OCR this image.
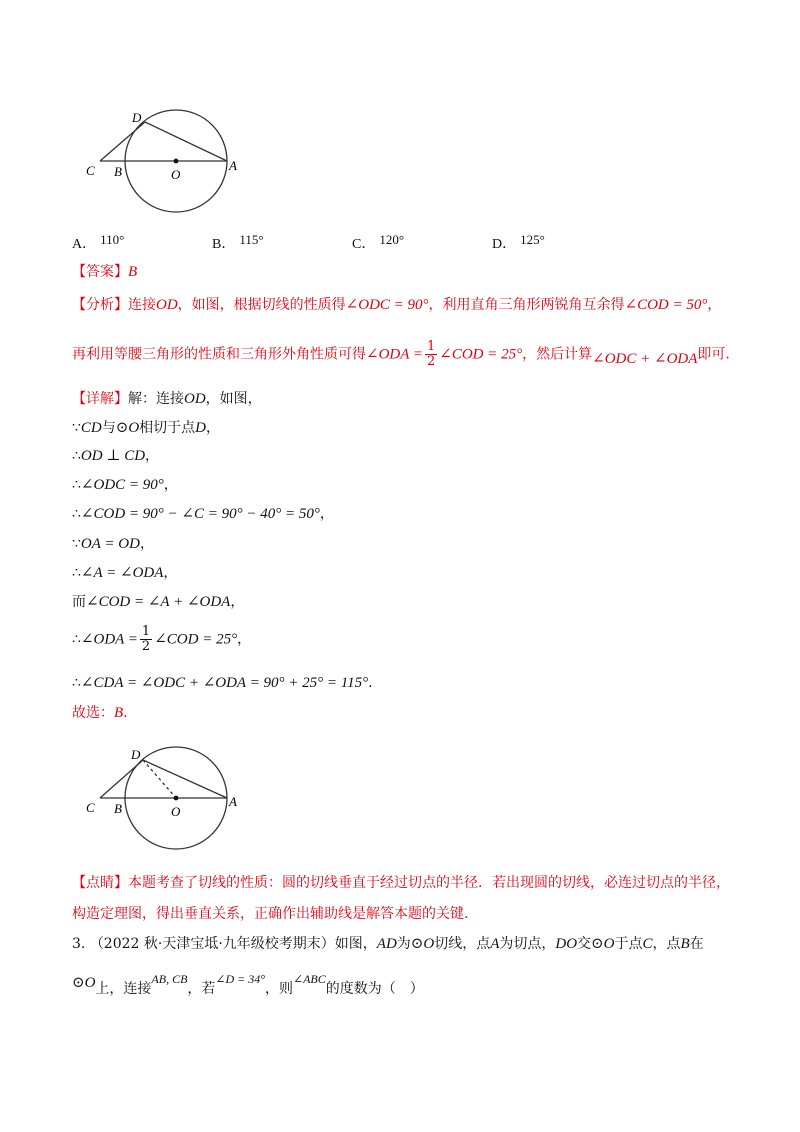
C B	O
A
D
A． 110°	B． 115°	C． 120°	D． 125°
【答案】B
【分析】连接OD，如图，根据切线的性质得∠ODC = 90°，利用直角三角形两锐角互余得∠COD = 50°，
再利用等腰三角形的性质和三角形外角性质可得∠ODA = $\frac{1}{2}$ ∠COD = 25°，然后计算∠ODC + ∠ODA即可.
【详解】解：连接OD，如图，
∵CD与⊙O相切于点D，
∴OD ⊥ CD，
∴∠ODC = 90°，
∴∠COD = 90° − ∠C = 90° − 40° = 50°，
∵OA = OD，
∴∠A = ∠ODA，
而∠COD = ∠A + ∠ODA，
∴∠ODA = $\frac{1}{2}$ ∠COD = 25°，
∴∠CDA = ∠ODC + ∠ODA = 90° + 25° = 115°.
故选：B.
C B	O
A
D
【点睛】本题考查了切线的性质：圆的切线垂直于经过切点的半径．若出现圆的切线，必连过切点的半径，
构造定理图，得出垂直关系，正确作出辅助线是解答本题的关键.
3. （2022 秋·天津宝坻·九年级校考期末）如图，AD为⊙O切线，点A为切点，DO交⊙O于点C，点B在
⊙O上，连接AB, CB，若∠D = 34°，则∠ABC的度数为（　）
